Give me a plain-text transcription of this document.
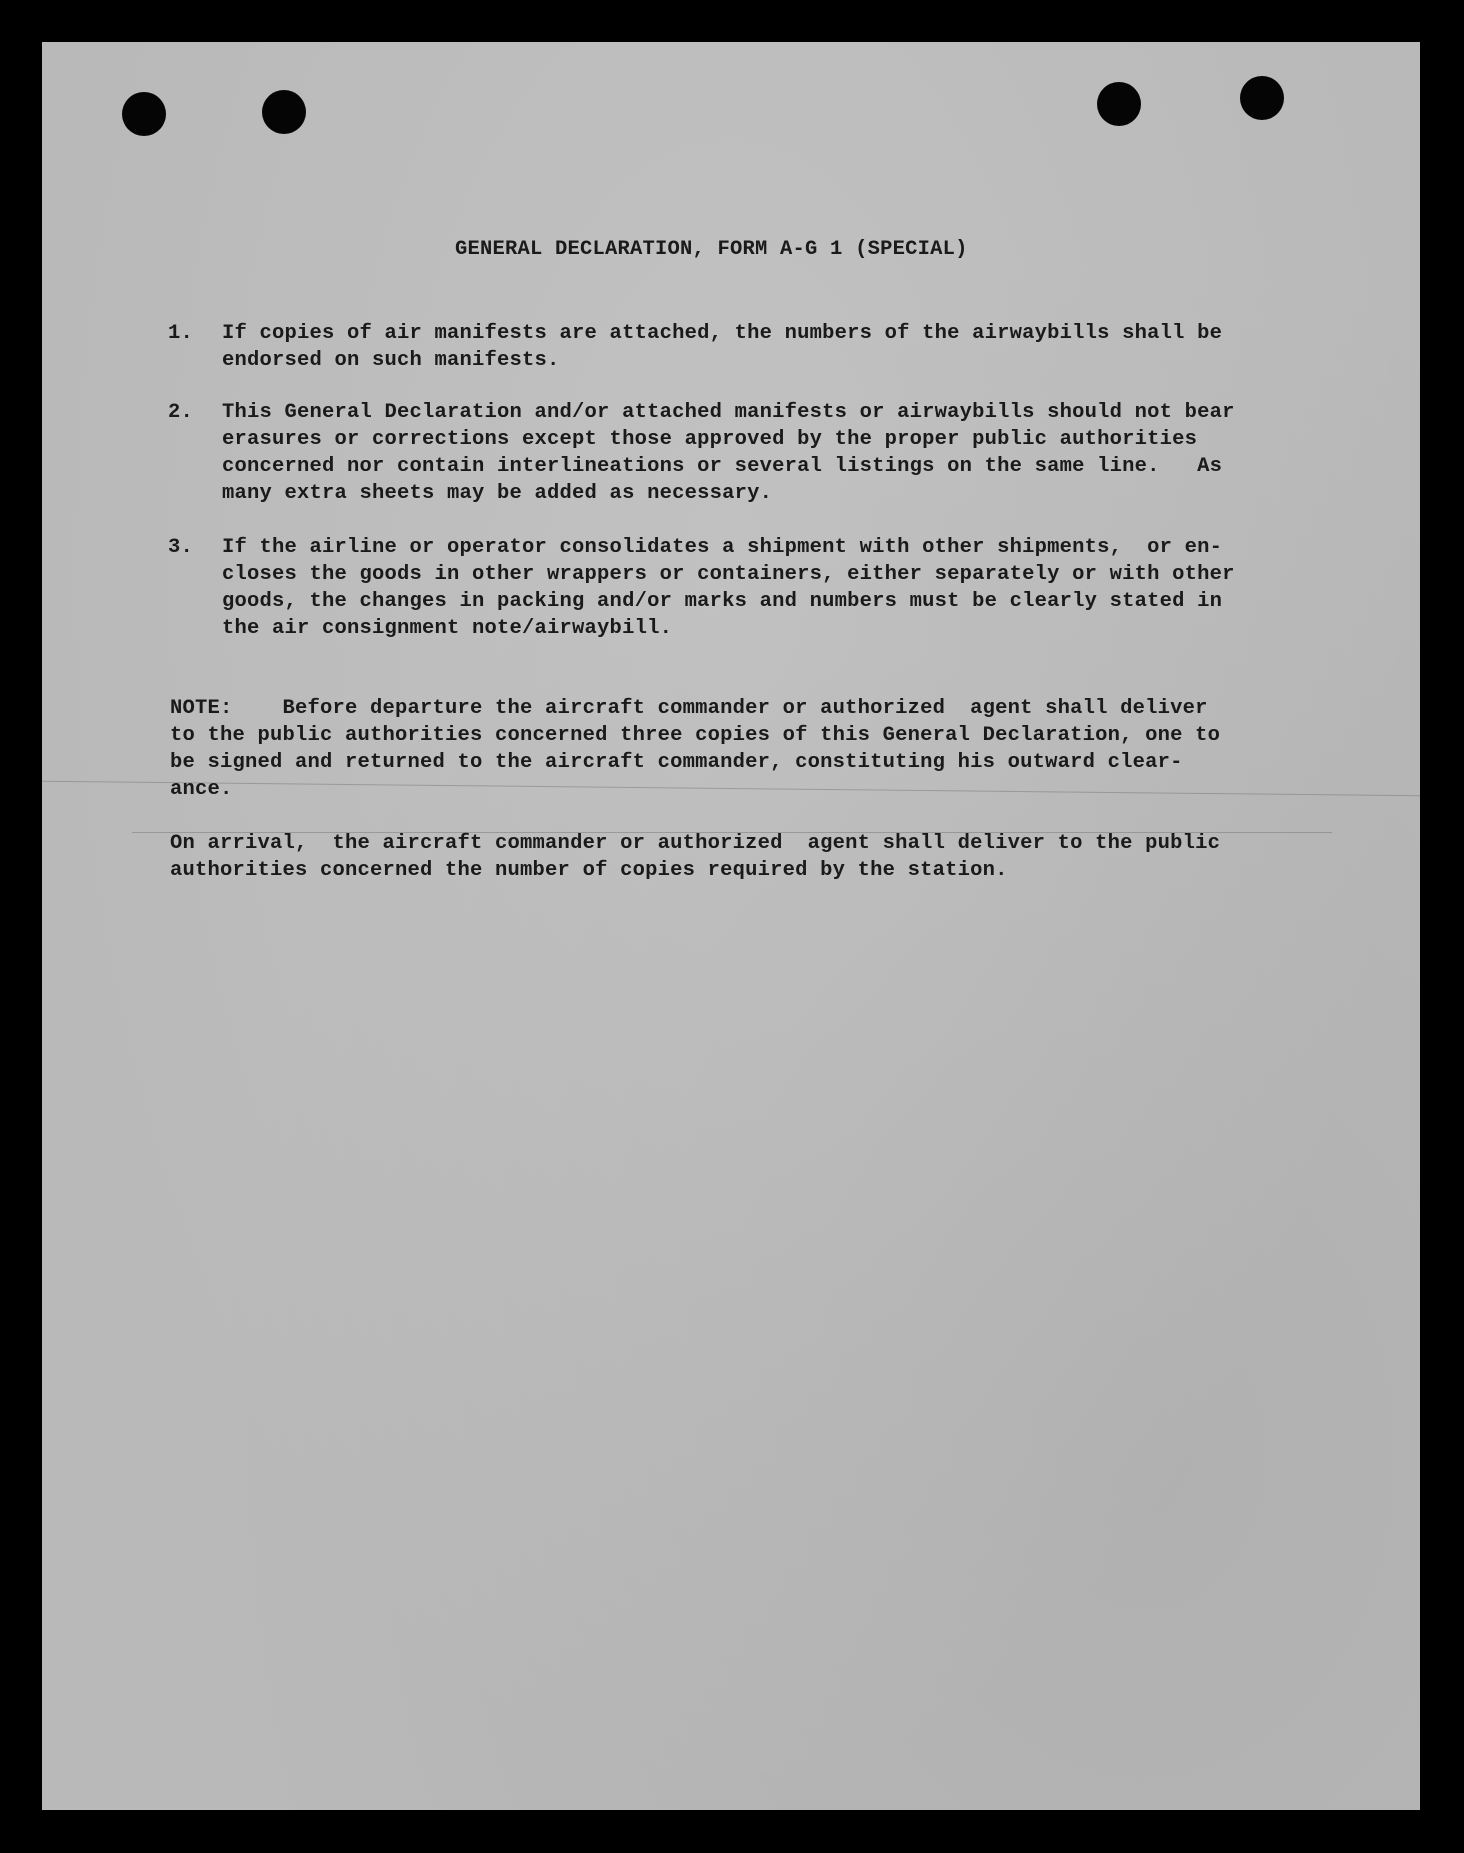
GENERAL DECLARATION, FORM A-G 1 (SPECIAL)
1. If copies of air manifests are attached, the numbers of the airwaybills shall be
endorsed on such manifests.
2. This General Declaration and/or attached manifests or airwaybills should not bear
erasures or corrections except those approved by the proper public authorities
concerned nor contain interlineations or several listings on the same line.   As
many extra sheets may be added as necessary.
3. If the airline or operator consolidates a shipment with other shipments,  or en-
closes the goods in other wrappers or containers, either separately or with other
goods, the changes in packing and/or marks and numbers must be clearly stated in
the air consignment note/airwaybill.
NOTE:    Before departure the aircraft commander or authorized  agent shall deliver
to the public authorities concerned three copies of this General Declaration, one to
be signed and returned to the aircraft commander, constituting his outward clear-
ance.
On arrival,  the aircraft commander or authorized  agent shall deliver to the public
authorities concerned the number of copies required by the station.
